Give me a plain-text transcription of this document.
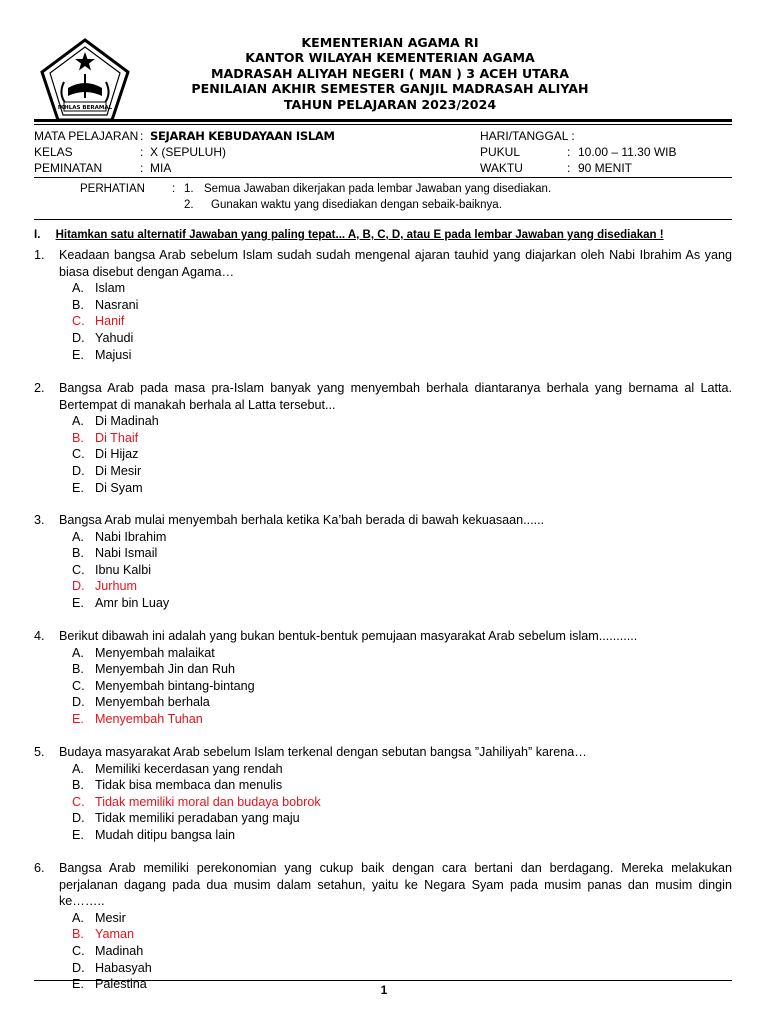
IKHLAS BERAMAL
KEMENTERIAN AGAMA RI
KANTOR WILAYAH KEMENTERIAN AGAMA
MADRASAH ALIYAH NEGERI ( MAN ) 3 ACEH UTARA
PENILAIAN AKHIR SEMESTER GANJIL MADRASAH ALIYAH
TAHUN PELAJARAN 2023/2024
MATA PELAJARAN : SEJARAH KEBUDAYAAN ISLAM
KELAS	: X (SEPULUH)
PEMINATAN	: MIA
HARI/TANGGAL :
PUKUL	: 10.00 – 11.30 WIB
WAKTU	: 90 MENIT
PERHATIAN : 1. Semua Jawaban dikerjakan pada lembar Jawaban yang disediakan.
2. Gunakan waktu yang disediakan dengan sebaik-baiknya.
I. Hitamkan satu alternatif Jawaban yang paling tepat... A, B, C, D, atau E pada lembar Jawaban yang disediakan !
1. Keadaan bangsa Arab sebelum Islam sudah sudah mengenal ajaran tauhid yang diajarkan oleh Nabi Ibrahim As yang biasa disebut dengan Agama…
A. Islam
B. Nasrani
C. Hanif
D. Yahudi
E. Majusi
2. Bangsa Arab pada masa pra-Islam banyak yang menyembah berhala diantaranya berhala yang bernama al Latta. Bertempat di manakah berhala al Latta tersebut...
A. Di Madinah
B. Di Thaif
C. Di Hijaz
D. Di Mesir
E. Di Syam
3. Bangsa Arab mulai menyembah berhala ketika Ka’bah berada di bawah kekuasaan......
A. Nabi Ibrahim
B. Nabi Ismail
C. Ibnu Kalbi
D. Jurhum
E. Amr bin Luay
4. Berikut dibawah ini adalah yang bukan bentuk-bentuk pemujaan masyarakat Arab sebelum islam...........
A. Menyembah malaikat
B. Menyembah Jin dan Ruh
C. Menyembah bintang-bintang
D. Menyembah berhala
E. Menyembah Tuhan
5. Budaya masyarakat Arab sebelum Islam terkenal dengan sebutan bangsa ”Jahiliyah” karena…
A. Memiliki kecerdasan yang rendah
B. Tidak bisa membaca dan menulis
C. Tidak memiliki moral dan budaya bobrok
D. Tidak memiliki peradaban yang maju
E. Mudah ditipu bangsa lain
6. Bangsa Arab memiliki perekonomian yang cukup baik dengan cara bertani dan berdagang. Mereka melakukan perjalanan dagang pada dua musim dalam setahun, yaitu ke Negara Syam pada musim panas dan musim dingin ke……..
A. Mesir
B. Yaman
C. Madinah
D. Habasyah
E. Palestina	1
